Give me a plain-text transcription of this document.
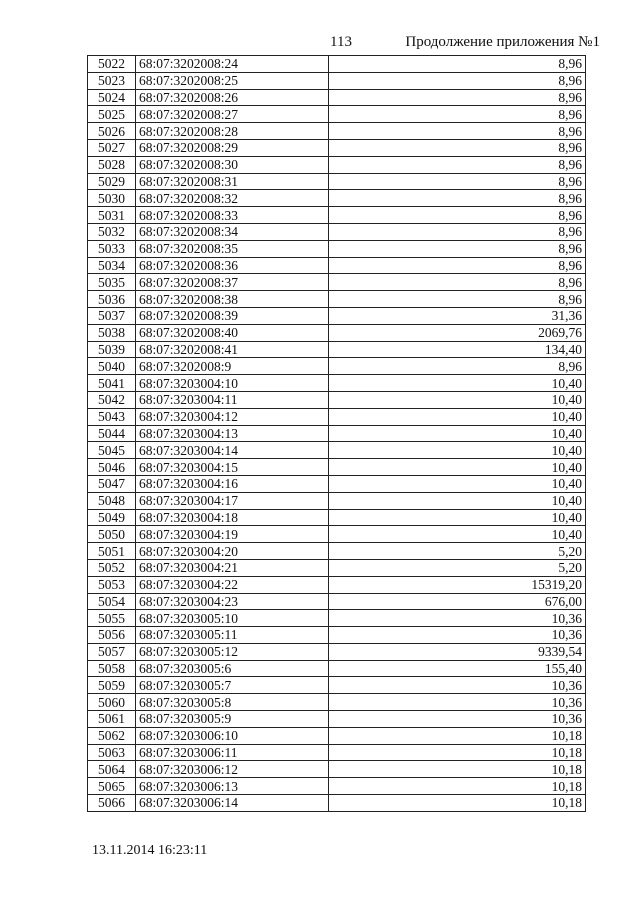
113	Продолжение приложения №1
5022	68:07:3202008:24	8,96
5023	68:07:3202008:25	8,96
5024	68:07:3202008:26	8,96
5025	68:07:3202008:27	8,96
5026	68:07:3202008:28	8,96
5027	68:07:3202008:29	8,96
5028	68:07:3202008:30	8,96
5029	68:07:3202008:31	8,96
5030	68:07:3202008:32	8,96
5031	68:07:3202008:33	8,96
5032	68:07:3202008:34	8,96
5033	68:07:3202008:35	8,96
5034	68:07:3202008:36	8,96
5035	68:07:3202008:37	8,96
5036	68:07:3202008:38	8,96
5037	68:07:3202008:39	31,36
5038	68:07:3202008:40	2069,76
5039	68:07:3202008:41	134,40
5040	68:07:3202008:9	8,96
5041	68:07:3203004:10	10,40
5042	68:07:3203004:11	10,40
5043	68:07:3203004:12	10,40
5044	68:07:3203004:13	10,40
5045	68:07:3203004:14	10,40
5046	68:07:3203004:15	10,40
5047	68:07:3203004:16	10,40
5048	68:07:3203004:17	10,40
5049	68:07:3203004:18	10,40
5050	68:07:3203004:19	10,40
5051	68:07:3203004:20	5,20
5052	68:07:3203004:21	5,20
5053	68:07:3203004:22	15319,20
5054	68:07:3203004:23	676,00
5055	68:07:3203005:10	10,36
5056	68:07:3203005:11	10,36
5057	68:07:3203005:12	9339,54
5058	68:07:3203005:6	155,40
5059	68:07:3203005:7	10,36
5060	68:07:3203005:8	10,36
5061	68:07:3203005:9	10,36
5062	68:07:3203006:10	10,18
5063	68:07:3203006:11	10,18
5064	68:07:3203006:12	10,18
5065	68:07:3203006:13	10,18
5066	68:07:3203006:14	10,18
13.11.2014 16:23:11
